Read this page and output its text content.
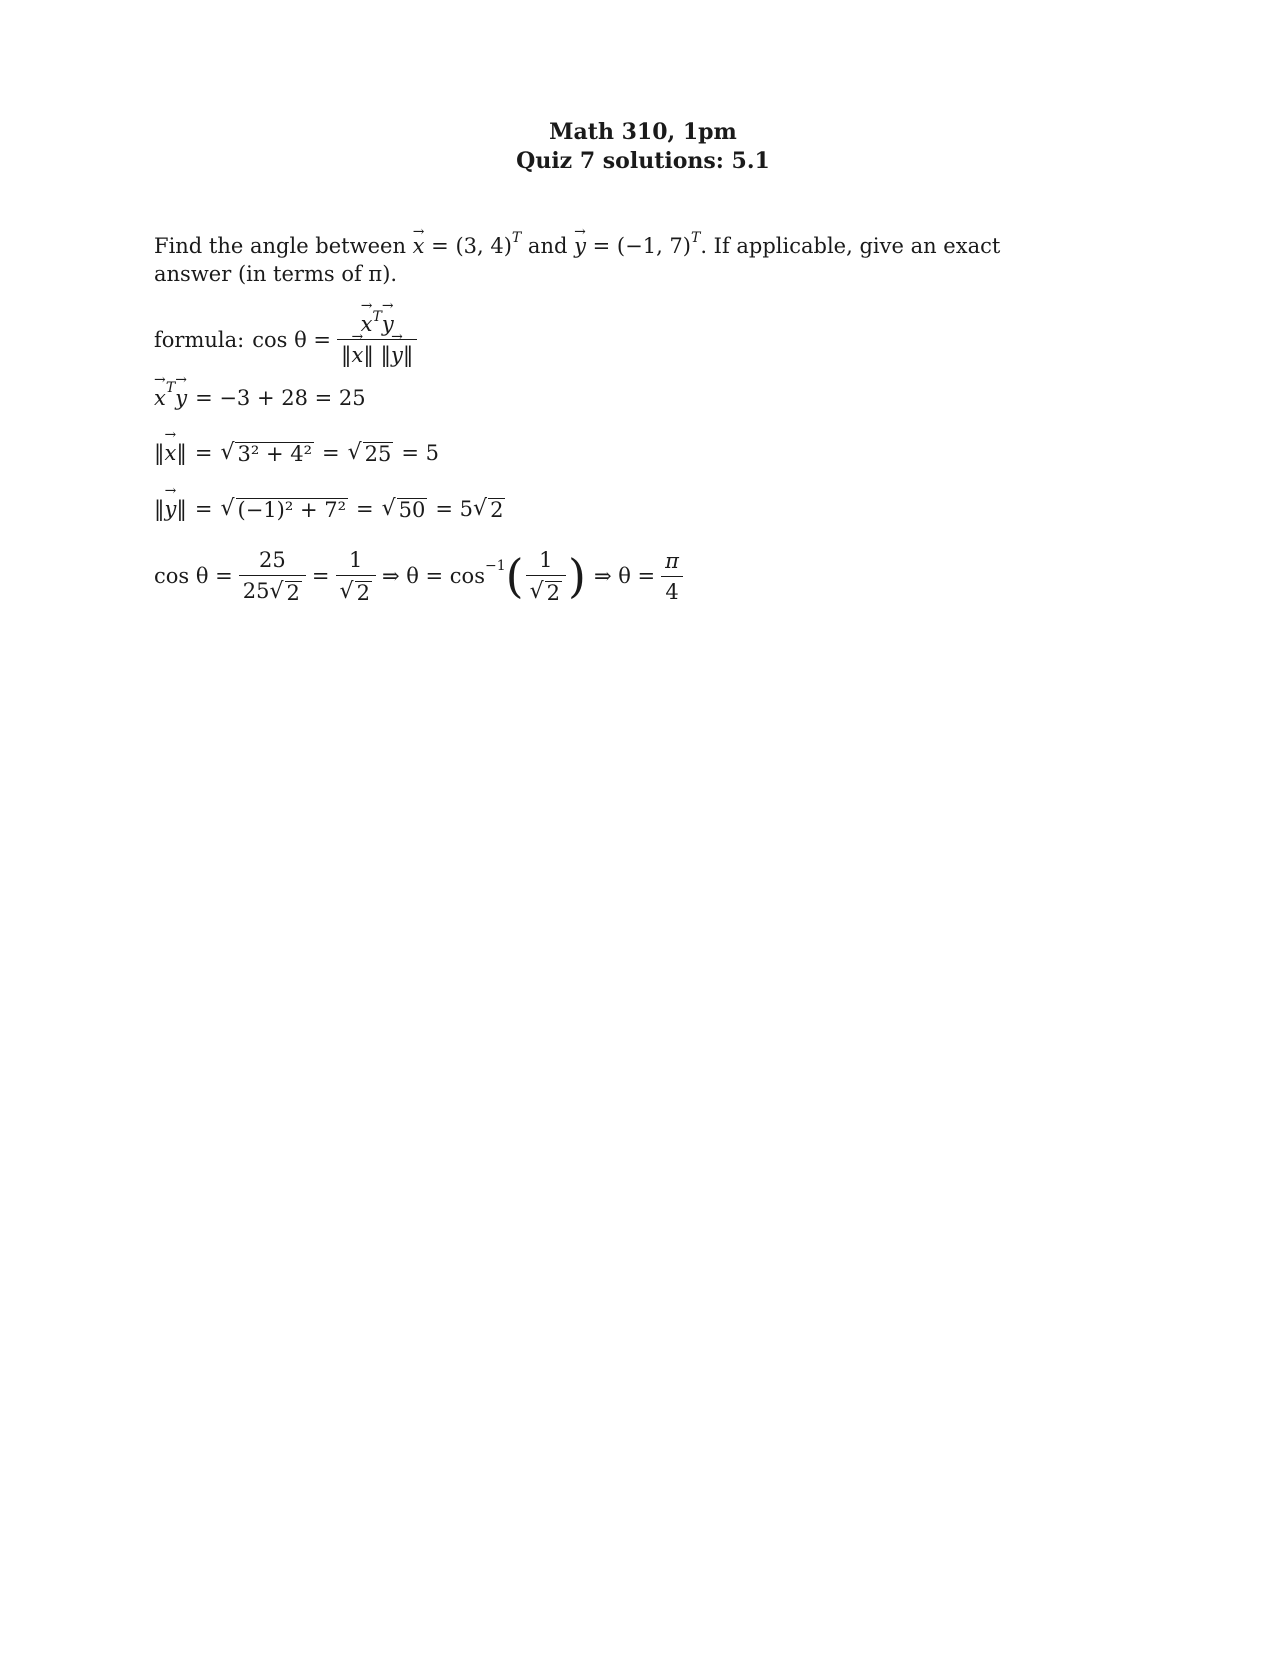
Math 310, 1pm
Quiz 7 solutions: 5.1
Find the angle between → x = (3, 4)$^T$ and → y = (−1, 7)$^T$. If applicable, give an exact answer (in terms of π).
formula: cos θ = → $\frac{x^T\to y}{‖\to x‖ ‖\to y‖}$
→ x T → y = −3 + 28 = 25
‖→ x‖ = √ 3² + 4² = √ 25 = 5
‖→ y‖ = √ (−1)² + 7² = √ 50 = 5 √ 2
$\cos \theta = \frac{25}{25 √ 2} = \frac{1}{√ 2}$ ⇒ θ = cos −1 ( $\frac{1}{√ 2}$ ) ⇒ $\theta = \frac{\pi}{4}$
